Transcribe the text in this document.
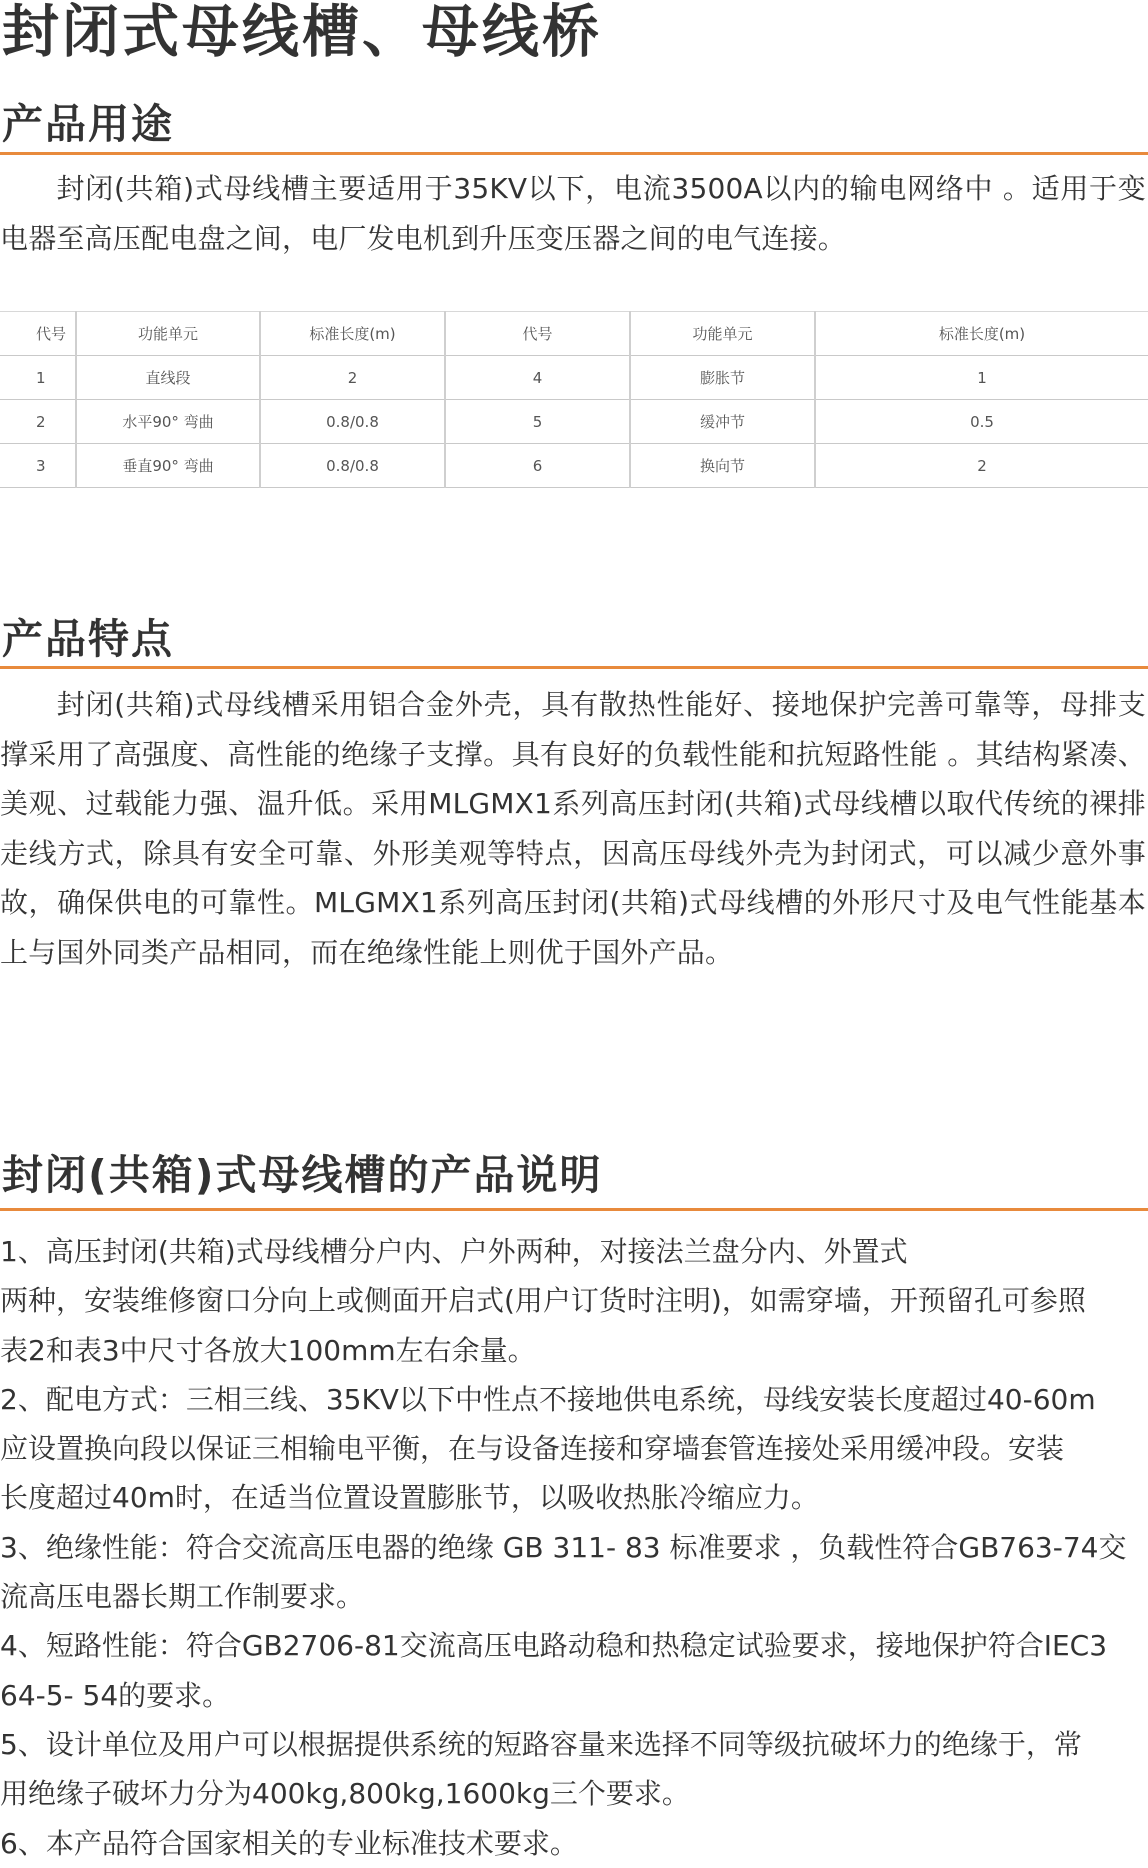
封闭式母线槽、母线桥
产品用途

封闭(共箱)式母线槽主要适用于35KV以下，电流3500A以内的输电网络中 。适用于变电器至高压配电盘之间，电厂发电机到升压变压器之间的电气连接。

代号	功能单元	标准长度(m)	代号	功能单元	标准长度(m)
1	直线段	2	4	膨胀节	1
2	水平90° 弯曲	0.8/0.8	5	缓冲节	0.5
3	垂直90° 弯曲	0.8/0.8	6	换向节	2
产品特点

封闭(共箱)式母线槽采用铝合金外壳，具有散热性能好、接地保护完善可靠等，母排支撑采用了高强度、高性能的绝缘子支撑。具有良好的负载性能和抗短路性能 。其结构紧凑、美观、过载能力强、温升低。采用MLGMX1系列高压封闭(共箱)式母线槽以取代传统的裸排走线方式，除具有安全可靠、外形美观等特点，因高压母线外壳为封闭式，可以减少意外事故，确保供电的可靠性。MLGMX1系列高压封闭(共箱)式母线槽的外形尺寸及电气性能基本上与国外同类产品相同，而在绝缘性能上则优于国外产品。

封闭(共箱)式母线槽的产品说明

1、高压封闭(共箱)式母线槽分户内、户外两种，对接法兰盘分内、外置式

两种，安装维修窗口分向上或侧面开启式(用户订货时注明)，如需穿墙，开预留孔可参照

表2和表3中尺寸各放大100mm左右余量。

2、配电方式：三相三线、35KV以下中性点不接地供电系统，母线安装长度超过40-60m

应设置换向段以保证三相输电平衡，在与设备连接和穿墙套管连接处采用缓冲段。安装

长度超过40m时，在适当位置设置膨胀节，以吸收热胀冷缩应力。

3、绝缘性能：符合交流高压电器的绝缘 GB 311- 83 标准要求 ，负载性符合GB763-74交

流高压电器长期工作制要求。

4、短路性能：符合GB2706-81交流高压电路动稳和热稳定试验要求，接地保护符合IEC3

64-5- 54的要求。

5、设计单位及用户可以根据提供系统的短路容量来选择不同等级抗破坏力的绝缘于，常

用绝缘子破坏力分为400kg,800kg,1600kg三个要求。

6、本产品符合国家相关的专业标准技术要求。
